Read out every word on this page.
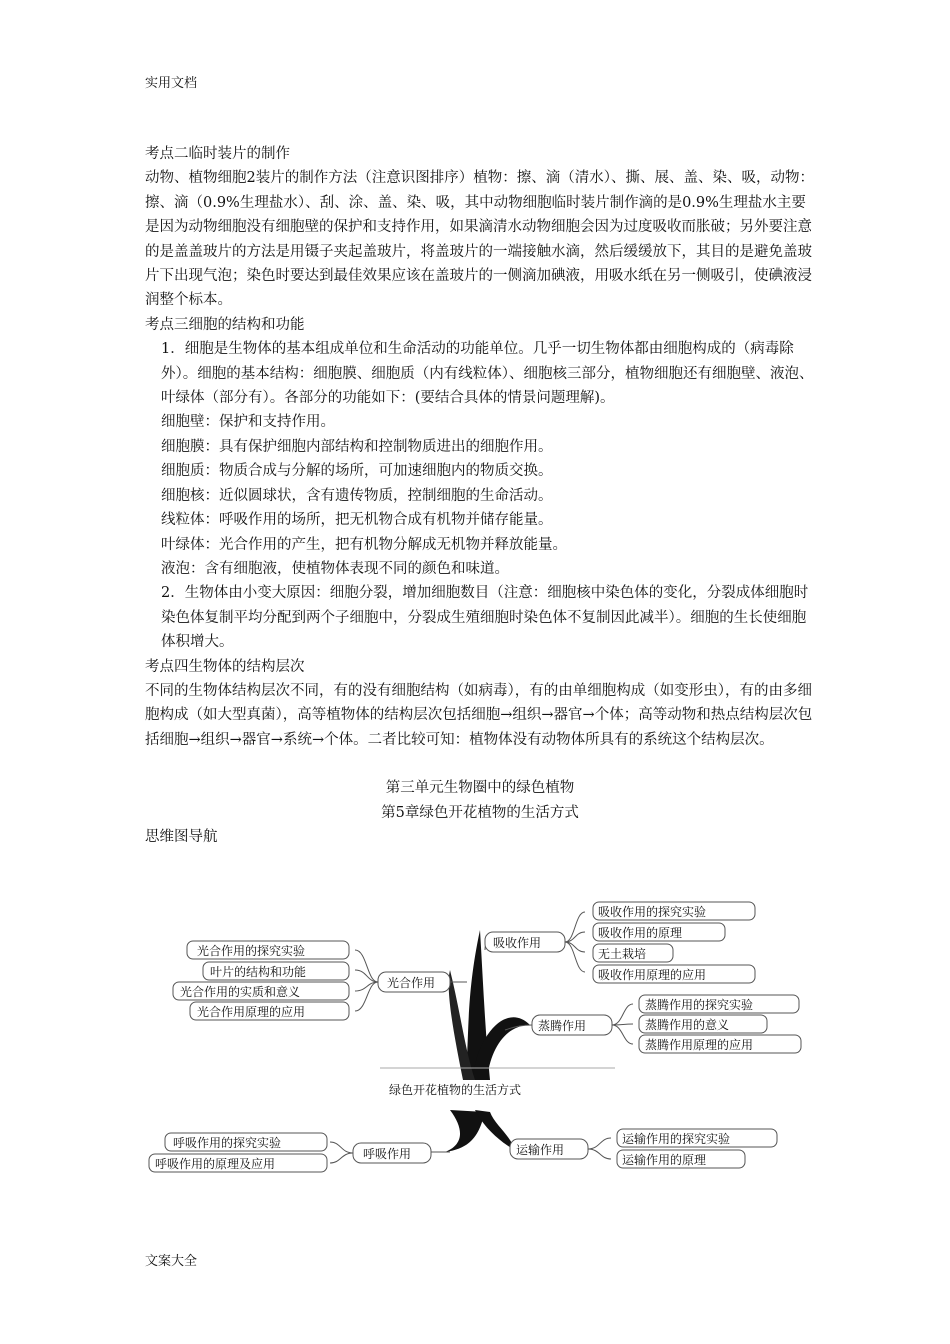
实用文档

考点二临时装片的制作

动物、植物细胞2装片的制作方法（注意识图排序）植物：擦、滴（清水）、撕、展、盖、染、吸，动物：擦、滴（0.9%生理盐水）、刮、涂、盖、染、吸，其中动物细胞临时装片制作滴的是0.9%生理盐水主要是因为动物细胞没有细胞壁的保护和支持作用，如果滴清水动物细胞会因为过度吸收而胀破；另外要注意的是盖盖玻片的方法是用镊子夹起盖玻片，将盖玻片的一端接触水滴，然后缓缓放下，其目的是避免盖玻片下出现气泡；染色时要达到最佳效果应该在盖玻片的一侧滴加碘液，用吸水纸在另一侧吸引，使碘液浸润整个标本。

考点三细胞的结构和功能

1．细胞是生物体的基本组成单位和生命活动的功能单位。几乎一切生物体都由细胞构成的（病毒除外）。细胞的基本结构：细胞膜、细胞质（内有线粒体）、细胞核三部分，植物细胞还有细胞壁、液泡、叶绿体（部分有）。各部分的功能如下：(要结合具体的情景问题理解)。

细胞壁：保护和支持作用。

细胞膜：具有保护细胞内部结构和控制物质进出的细胞作用。

细胞质：物质合成与分解的场所，可加速细胞内的物质交换。

细胞核：近似圆球状，含有遗传物质，控制细胞的生命活动。

线粒体：呼吸作用的场所，把无机物合成有机物并储存能量。

叶绿体：光合作用的产生，把有机物分解成无机物并释放能量。

液泡：含有细胞液，使植物体表现不同的颜色和味道。

2．生物体由小变大原因：细胞分裂，增加细胞数目（注意：细胞核中染色体的变化，分裂成体细胞时染色体复制平均分配到两个子细胞中，分裂成生殖细胞时染色体不复制因此减半）。细胞的生长使细胞体积增大。

考点四生物体的结构层次

不同的生物体结构层次不同，有的没有细胞结构（如病毒），有的由单细胞构成（如变形虫），有的由多细胞构成（如大型真菌），高等植物体的结构层次包括细胞→组织→器官→个体；高等动物和热点结构层次包括细胞→组织→器官→系统→个体。二者比较可知：植物体没有动物体所具有的系统这个结构层次。

第三单元生物圈中的绿色植物

第5章绿色开花植物的生活方式

思维图导航

绿色开花植物的生活方式
吸收作用
吸收作用的探究实验
吸收作用的原理
无土栽培
吸收作用原理的应用
光合作用
光合作用的探究实验
叶片的结构和功能
光合作用的实质和意义
光合作用原理的应用
蒸腾作用
蒸腾作用的探究实验
蒸腾作用的意义
蒸腾作用原理的应用
呼吸作用
呼吸作用的探究实验
呼吸作用的原理及应用
运输作用
运输作用的探究实验
运输作用的原理
文案大全
